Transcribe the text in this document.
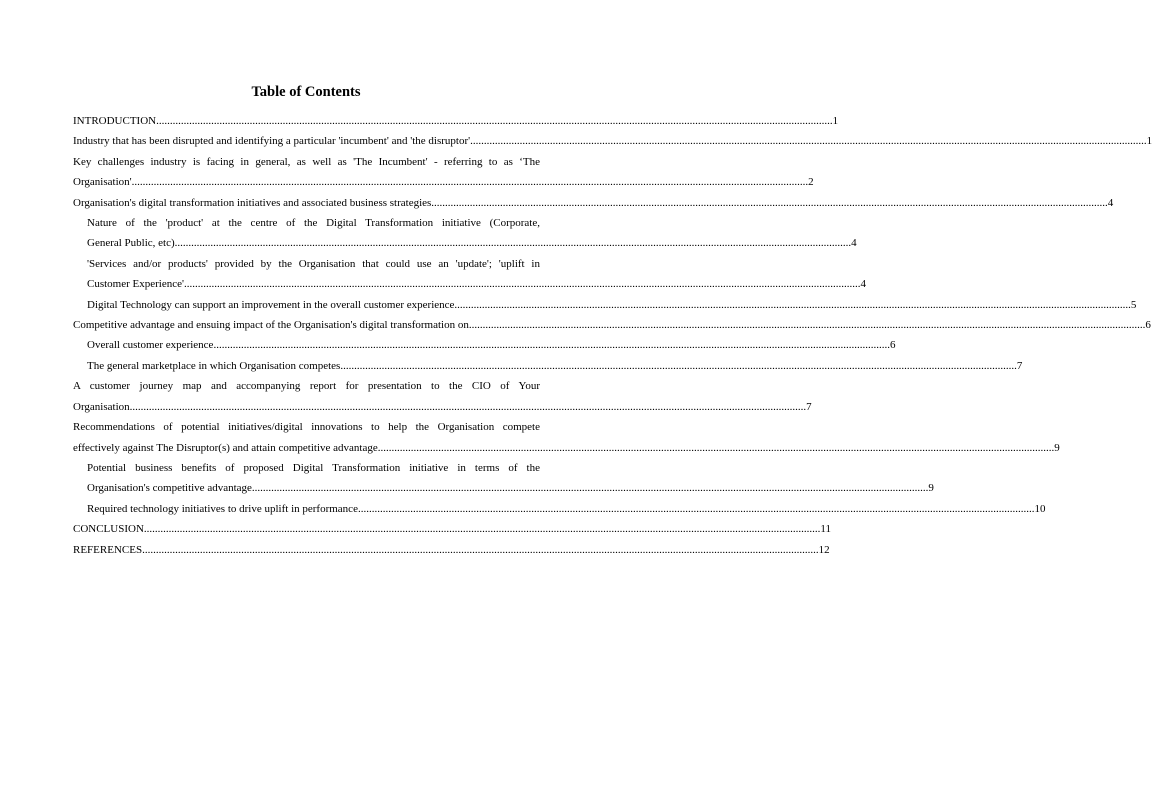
Table of Contents
INTRODUCTION ...................................................................................................................................................................................................................................................... 1
Industry that has been disrupted and identifying a particular 'incumbent' and 'the disruptor' ...................................................................................................................................................................................................................................................... 1
Key challenges industry is facing in general, as well as 'The Incumbent' - referring to as ‘The
Organisation' ...................................................................................................................................................................................................................................................... 2
Organisation's digital transformation initiatives and associated business strategies ...................................................................................................................................................................................................................................................... 4
Nature of the 'product' at the centre of the Digital Transformation initiative (Corporate,
General Public, etc) ...................................................................................................................................................................................................................................................... 4
'Services and/or products' provided by the Organisation that could use an 'update'; 'uplift in
Customer Experience' ...................................................................................................................................................................................................................................................... 4
Digital Technology can support an improvement in the overall customer experience ...................................................................................................................................................................................................................................................... 5
Competitive advantage and ensuing impact of the Organisation's digital transformation on ...................................................................................................................................................................................................................................................... 6
Overall customer experience ...................................................................................................................................................................................................................................................... 6
The general marketplace in which Organisation competes ...................................................................................................................................................................................................................................................... 7
A customer journey map and accompanying report for presentation to the CIO of Your
Organisation ...................................................................................................................................................................................................................................................... 7
Recommendations of potential initiatives/digital innovations to help the Organisation compete
effectively against The Disruptor(s) and attain competitive advantage ...................................................................................................................................................................................................................................................... 9
Potential business benefits of proposed Digital Transformation initiative in terms of the
Organisation's competitive advantage ...................................................................................................................................................................................................................................................... 9
Required technology initiatives to drive uplift in performance ...................................................................................................................................................................................................................................................... 10
CONCLUSION ...................................................................................................................................................................................................................................................... 11
REFERENCES ...................................................................................................................................................................................................................................................... 12
